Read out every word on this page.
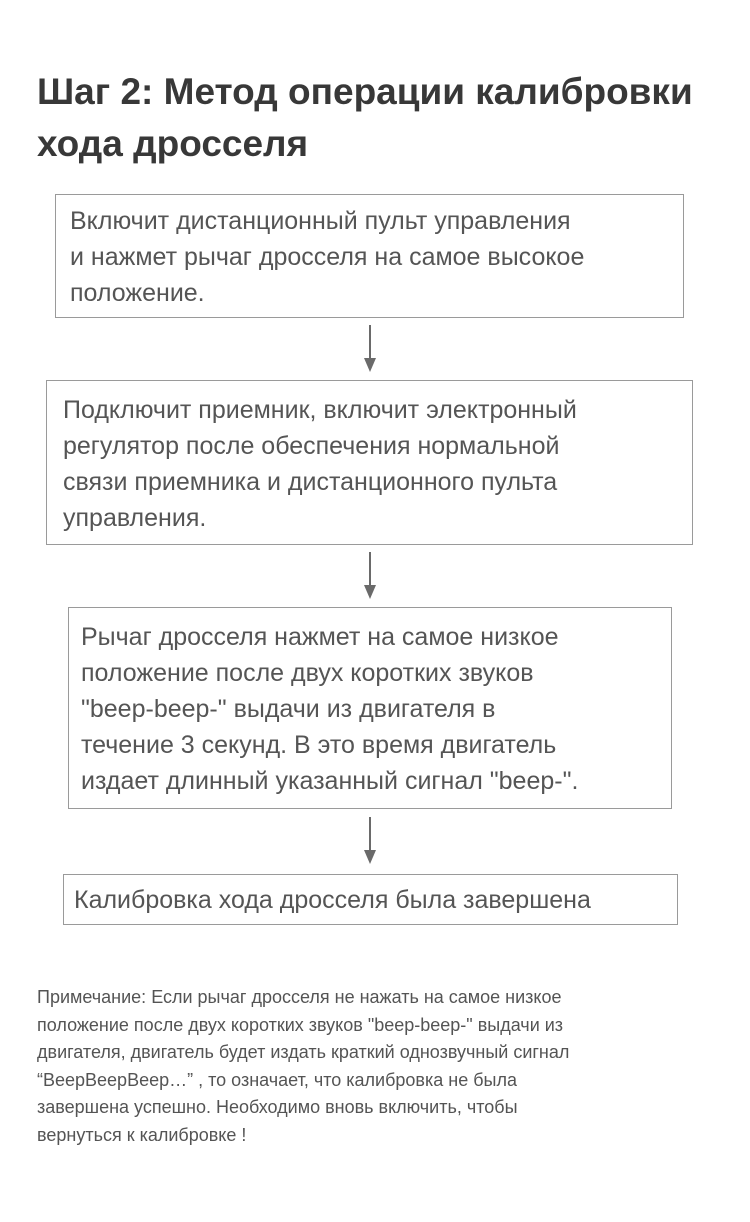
Шаг 2: Метод операции калибровки
хода дросселя
Включит дистанционный пульт управления
и нажмет рычаг дросселя на самое высокое
положение.
Подключит приемник, включит электронный
регулятор после обеспечения нормальной
связи приемника и дистанционного пульта
управления.
Рычаг дросселя нажмет на самое низкое
положение после двух коротких звуков
"beep-beep-" выдачи из двигателя в
течение 3 секунд. В это время двигатель
издает длинный указанный сигнал "beep-".
Калибровка хода дросселя была завершена

Примечание: Если рычаг дросселя не нажать на самое низкое
положение после двух коротких звуков "beep-beep-" выдачи из
двигателя, двигатель будет издать краткий однозвучный сигнал
“BeepBeepBeep…” , то означает, что калибровка не была
завершена успешно. Необходимо вновь включить, чтобы
вернуться к калибровке !
